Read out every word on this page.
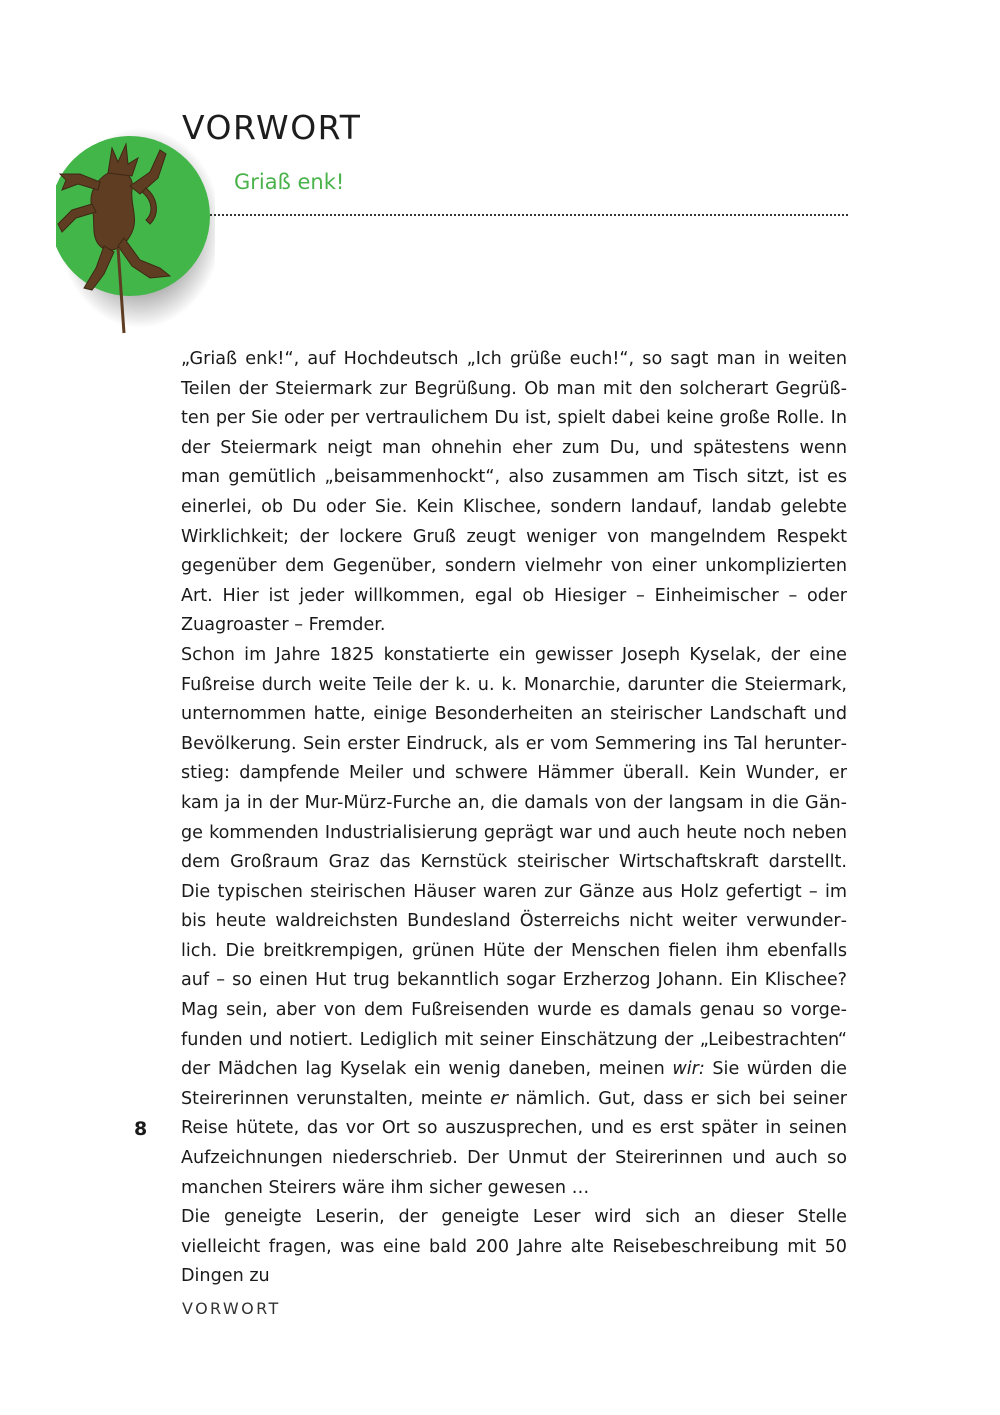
VORWORT
Griaß enk!

„Griaß enk!“, auf Hochdeutsch „Ich grüße euch!“, so sagt man in weiten Teilen der Steiermark zur Begrüßung. Ob man mit den solcherart Gegrüßten per Sie oder per vertraulichem Du ist, spielt dabei keine große Rolle. In der Steiermark neigt man ohnehin eher zum Du, und spätestens wenn man gemütlich „beisammenhockt“, also zusammen am Tisch sitzt, ist es einerlei, ob Du oder Sie. Kein Klischee, sondern landauf, landab gelebte Wirklichkeit; der lockere Gruß zeugt weniger von mangelndem Respekt gegenüber dem Gegenüber, sondern vielmehr von einer unkomplizierten Art. Hier ist jeder willkommen, egal ob Hiesiger – Einheimischer – oder Zuagroaster – Fremder.

Schon im Jahre 1825 konstatierte ein gewisser Joseph Kyselak, der eine Fußreise durch weite Teile der k. u. k. Monarchie, darunter die Steiermark, unternommen hatte, einige Besonderheiten an steirischer Landschaft und Bevölkerung. Sein erster Eindruck, als er vom Semmering ins Tal herunterstieg: dampfende Meiler und schwere Hämmer überall. Kein Wunder, er kam ja in der Mur-Mürz-Furche an, die damals von der langsam in die Gänge kommenden Industrialisierung geprägt war und auch heute noch neben dem Großraum Graz das Kernstück steirischer Wirtschaftskraft darstellt. Die typischen steirischen Häuser waren zur Gänze aus Holz gefertigt – im bis heute waldreichsten Bundesland Österreichs nicht weiter verwunderlich. Die breitkrempigen, grünen Hüte der Menschen fielen ihm ebenfalls auf – so einen Hut trug bekanntlich sogar Erzherzog Johann. Ein Klischee? Mag sein, aber von dem Fußreisenden wurde es damals genau so vorgefunden und notiert. Lediglich mit seiner Einschätzung der „Leibestrachten“ der Mädchen lag Kyselak ein wenig daneben, meinen wir: Sie würden die Steirerinnen verunstalten, meinte er nämlich. Gut, dass er sich bei seiner Reise hütete, das vor Ort so auszusprechen, und es erst später in seinen Aufzeichnungen niederschrieb. Der Unmut der Steirerinnen und auch so manchen Steirers wäre ihm sicher gewesen …

Die geneigte Leserin, der geneigte Leser wird sich an dieser Stelle vielleicht fragen, was eine bald 200 Jahre alte Reisebeschreibung mit 50 Dingen zu

8
VORWORT
